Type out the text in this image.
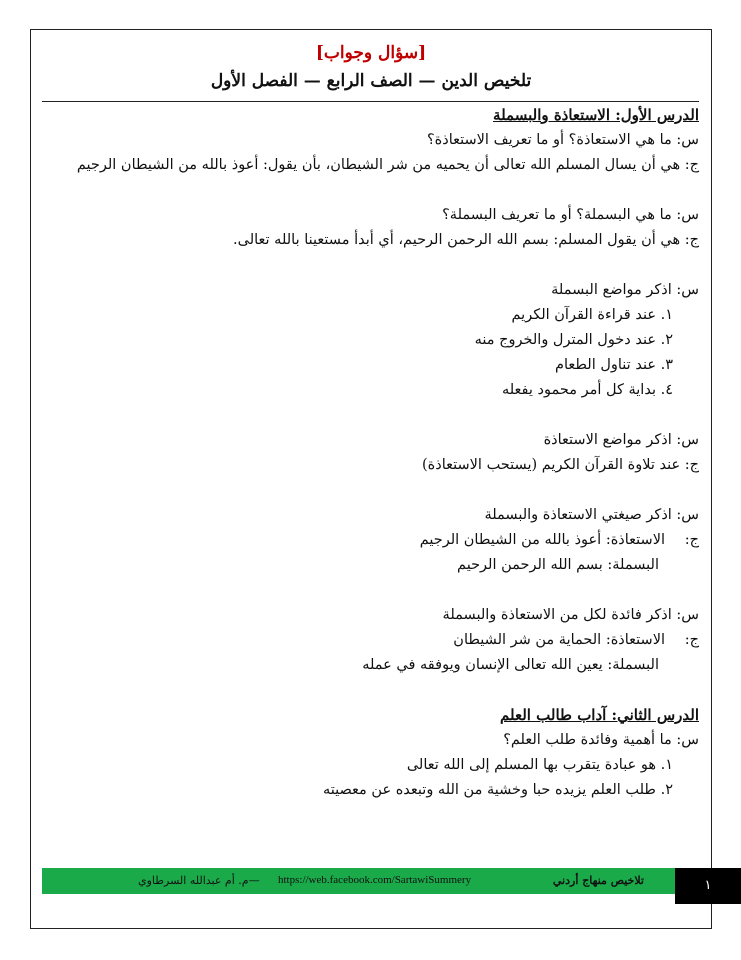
[سؤال وجواب]
تلخيص الدين — الصف الرابع — الفصل الأول
الدرس الأول: الاستعاذة والبسملة
س: ما هي الاستعاذة؟ أو ما تعريف الاستعاذة؟
ج: هي أن يسال المسلم الله تعالى أن يحميه من شر الشيطان، بأن يقول: أعوذ بالله من الشيطان الرجيم
س: ما هي البسملة؟ أو ما تعريف البسملة؟
ج: هي أن يقول المسلم: بسم الله الرحمن الرحيم، أي أبدأ مستعينا بالله تعالى.
س: اذكر مواضع البسملة
١. عند قراءة القرآن الكريم
٢. عند دخول المترل والخروج منه
٣. عند تناول الطعام
٤. بداية كل أمر محمود يفعله
س: اذكر مواضع الاستعاذة
ج: عند تلاوة القرآن الكريم (يستحب الاستعاذة)
س: اذكر صيغتي الاستعاذة والبسملة
ج:الاستعاذة: أعوذ بالله من الشيطان الرجيم
البسملة: بسم الله الرحمن الرحيم
س: اذكر فائدة لكل من الاستعاذة والبسملة
ج:الاستعاذة: الحماية من شر الشيطان
البسملة: يعين الله تعالى الإنسان ويوفقه في عمله
الدرس الثاني: آداب طالب العلم
س: ما أهمية وفائدة طلب العلم؟
١. هو عبادة يتقرب بها المسلم إلى الله تعالى
٢. طلب العلم يزيده حبا وخشية من الله وتبعده عن معصيته
تلاخيص منهاج أردني
https://web.facebook.com/SartawiSummery
—م. أم عبدالله السرطاوي	١
